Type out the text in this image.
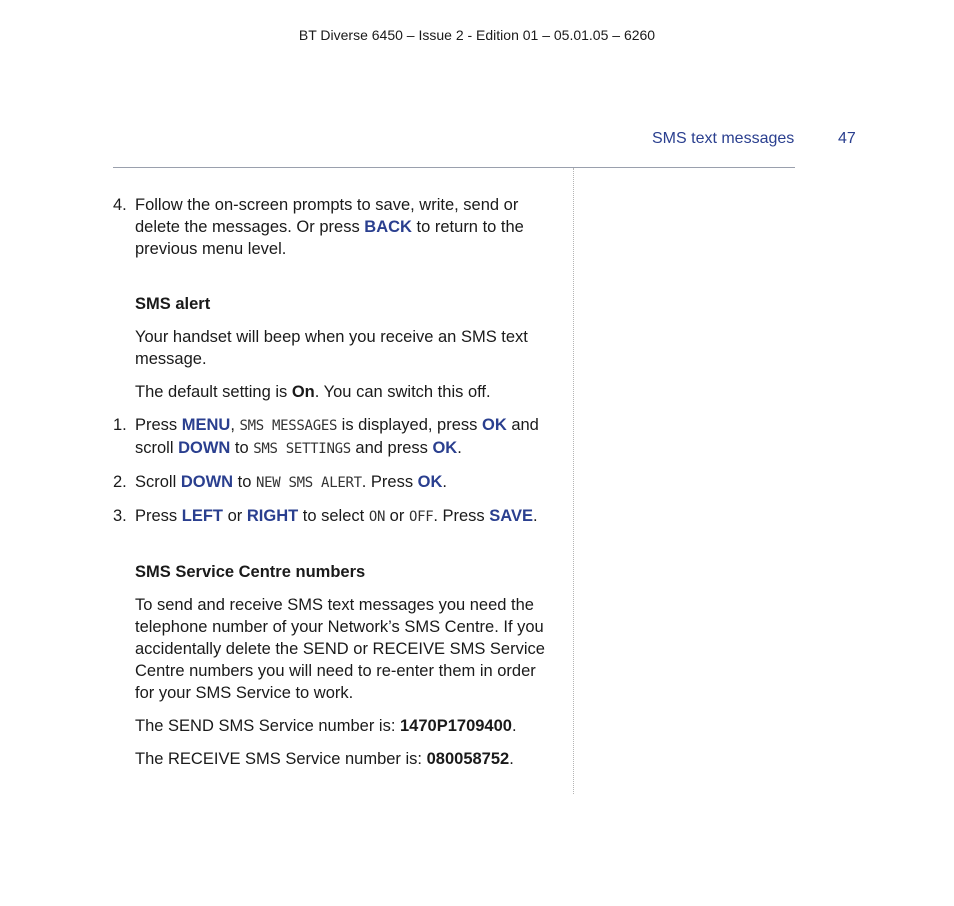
BT Diverse 6450 – Issue 2 - Edition 01 – 05.01.05 – 6260
SMS text messages	47
4. Follow the on-screen prompts to save, write, send or delete the messages. Or press BACK to return to the previous menu level.
SMS alert
Your handset will beep when you receive an SMS text message.
The default setting is On. You can switch this off.
1. Press MENU, SMS MESSAGES is displayed, press OK and scroll DOWN to SMS SETTINGS and press OK.
2. Scroll DOWN to NEW SMS ALERT. Press OK.
3. Press LEFT or RIGHT to select ON or OFF. Press SAVE.
SMS Service Centre numbers
To send and receive SMS text messages you need the telephone number of your Network’s SMS Centre. If you accidentally delete the SEND or RECEIVE SMS Service Centre numbers you will need to re-enter them in order for your SMS Service to work.
The SEND SMS Service number is: 1470P1709400.
The RECEIVE SMS Service number is: 080058752.
